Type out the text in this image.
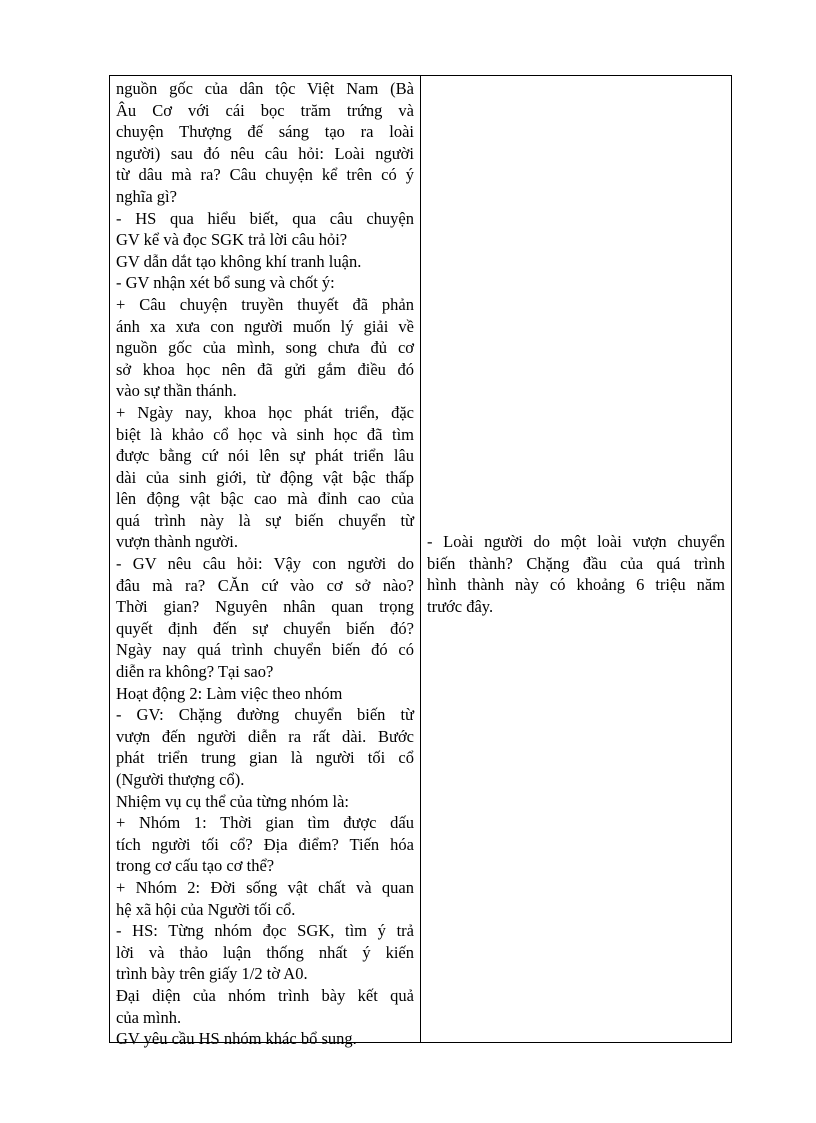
nguồn gốc của dân tộc Việt Nam (Bà
Âu Cơ với cái bọc trăm trứng và
chuyện Thượng đế sáng tạo ra loài
người) sau đó nêu câu hỏi: Loài người
từ dâu mà ra? Câu chuyện kể trên có ý
nghĩa gì?
- HS qua hiểu biết, qua câu chuyện
GV kể và đọc SGK trả lời câu hỏi?
GV dẫn dắt tạo không khí tranh luận.
- GV nhận xét bổ sung và chốt ý:
+ Câu chuyện truyền thuyết đã phản
ánh xa xưa con người muốn lý giải về
nguồn gốc của mình, song chưa đủ cơ
sở khoa học nên đã gửi gắm điều đó
vào sự thần thánh.
+ Ngày nay, khoa học phát triển, đặc
biệt là khảo cổ học và sinh học đã tìm
được bằng cứ nói lên sự phát triển lâu
dài của sinh giới, từ động vật bậc thấp
lên động vật bậc cao mà đỉnh cao của
quá trình này là sự biến chuyển từ
vượn thành người.
- GV nêu câu hỏi: Vậy con người do
đâu mà ra? CĂn cứ vào cơ sở nào?
Thời gian? Nguyên nhân quan trọng
quyết định đến sự chuyển biến đó?
Ngày nay quá trình chuyển biến đó có
diễn ra không? Tại sao?
Hoạt động 2: Làm việc theo nhóm
- GV: Chặng đường chuyển biến từ
vượn đến người diễn ra rất dài. Bước
phát triển trung gian là người tối cổ
(Người thượng cổ).
Nhiệm vụ cụ thể của từng nhóm là:
+ Nhóm 1: Thời gian tìm được dấu
tích người tối cổ? Địa điểm? Tiến hóa
trong cơ cấu tạo cơ thể?
+ Nhóm 2: Đời sống vật chất và quan
hệ xã hội của Người tối cổ.
- HS: Từng nhóm đọc SGK, tìm ý trả
lời và thảo luận thống nhất ý kiến
trình bày trên giấy 1/2 tờ A0.
Đại diện của nhóm trình bày kết quả
của mình.
GV yêu cầu HS nhóm khác bổ sung.
- Loài người do một loài vượn chuyển
biến thành? Chặng đầu của quá trình
hình thành này có khoảng 6 triệu năm
trước đây.
